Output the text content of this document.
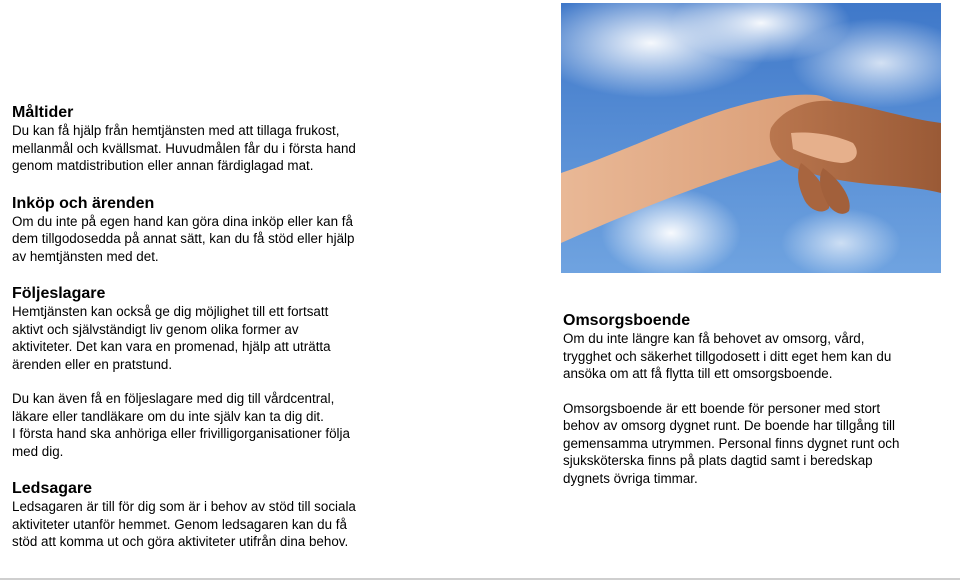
Måltider

Du kan få hjälp från hemtjänsten med att tillaga frukost,

mellanmål och kvällsmat. Huvudmålen får du i första hand

genom matdistribution eller annan färdiglagad mat.

Inköp och ärenden

Om du inte på egen hand kan göra dina inköp eller kan få

dem tillgodosedda på annat sätt, kan du få stöd eller hjälp

av hemtjänsten med det.

Följeslagare

Hemtjänsten kan också ge dig möjlighet till ett fortsatt

aktivt och självständigt liv genom olika former av

aktiviteter. Det kan vara en promenad, hjälp att uträtta

ärenden eller en pratstund.

Du kan även få en följeslagare med dig till vårdcentral,

läkare eller tandläkare om du inte själv kan ta dig dit.

I första hand ska anhöriga eller frivilligorganisationer följa

med dig.

Ledsagare

Ledsagaren är till för dig som är i behov av stöd till sociala

aktiviteter utanför hemmet. Genom ledsagaren kan du få

stöd att komma ut och göra aktiviteter utifrån dina behov.

Omsorgsboende

Om du inte längre kan få behovet av omsorg, vård,

trygghet och säkerhet tillgodosett i ditt eget hem kan du

ansöka om att få flytta till ett omsorgsboende.

Omsorgsboende är ett boende för personer med stort

behov av omsorg dygnet runt. De boende har tillgång till

gemensamma utrymmen. Personal finns dygnet runt och

sjuksköterska finns på plats dagtid samt i beredskap

dygnets övriga timmar.
